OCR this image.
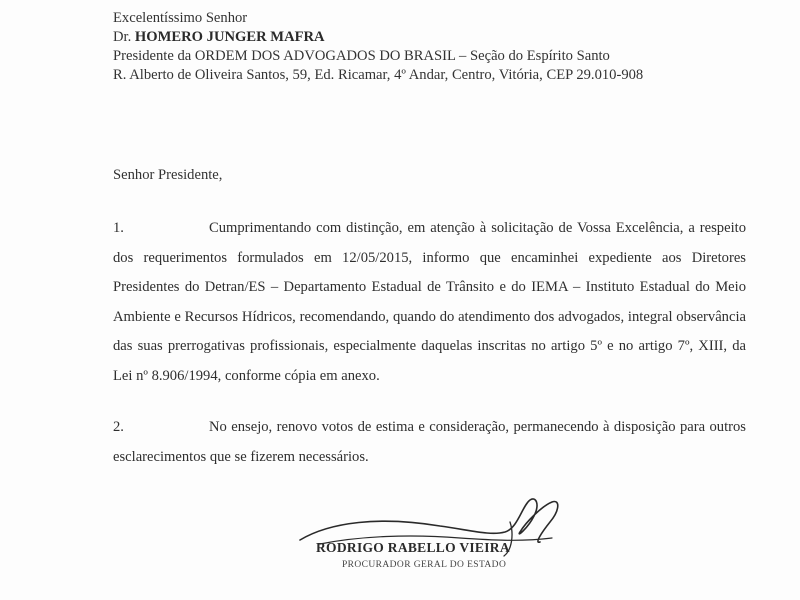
Excelentíssimo Senhor
Dr. HOMERO JUNGER MAFRA
Presidente da ORDEM DOS ADVOGADOS DO BRASIL – Seção do Espírito Santo
R. Alberto de Oliveira Santos, 59, Ed. Ricamar, 4º Andar, Centro, Vitória, CEP 29.010-908
Senhor Presidente,
1.	Cumprimentando com distinção, em atenção à solicitação de Vossa Excelência, a respeito dos requerimentos formulados em 12/05/2015, informo que encaminhei expediente aos Diretores Presidentes do Detran/ES – Departamento Estadual de Trânsito e do IEMA – Instituto Estadual do Meio Ambiente e Recursos Hídricos, recomendando, quando do atendimento dos advogados, integral observância das suas prerrogativas profissionais, especialmente daquelas inscritas no artigo 5º e no artigo 7º, XIII, da Lei nº 8.906/1994, conforme cópia em anexo.
2.	No ensejo, renovo votos de estima e consideração, permanecendo à disposição para outros esclarecimentos que se fizerem necessários.
RODRIGO RABELLO VIEIRA
PROCURADOR GERAL DO ESTADO
